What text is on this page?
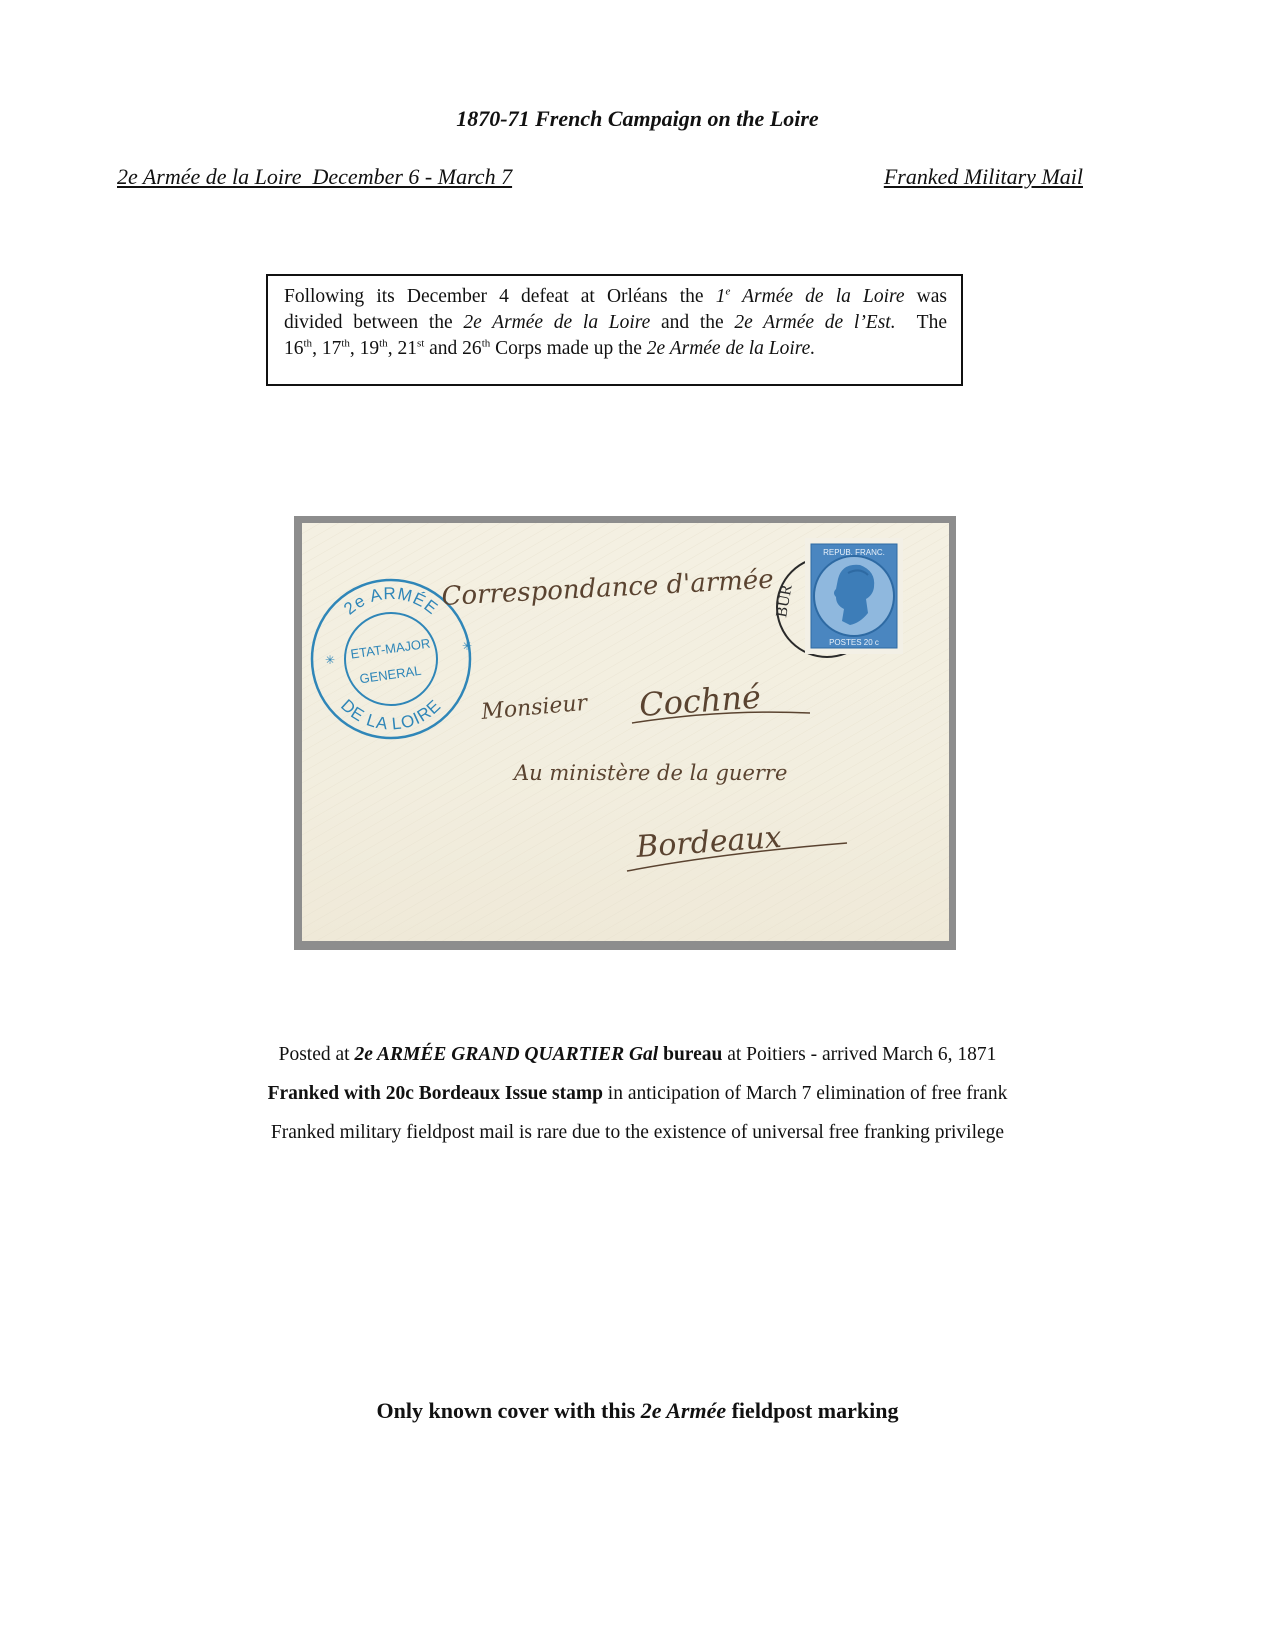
1870-71 French Campaign on the Loire
2e Armée de la Loire  December 6 - March 7	Franked Military Mail
Following its December 4 defeat at Orléans the 1e Armée de la Loire was
divided between the 2e Armée de la Loire and the 2e Armée de l’Est.  The
16th, 17th, 19th, 21st and 26th Corps made up the 2e Armée de la Loire.
BUR
REPUB. FRANC.
POSTES 20 c
2e ARMÉE
DE LA LOIRE
ETAT-MAJOR
GENERAL
✳
✳
Correspondance d'armée
Monsieur Cochné
Au ministère de la guerre
Bordeaux
Posted at 2e ARMÉE GRAND QUARTIER Gal bureau at Poitiers - arrived March 6, 1871
Franked with 20c Bordeaux Issue stamp in anticipation of March 7 elimination of free frank
Franked military fieldpost mail is rare due to the existence of universal free franking privilege
Only known cover with this 2e Armée fieldpost marking
